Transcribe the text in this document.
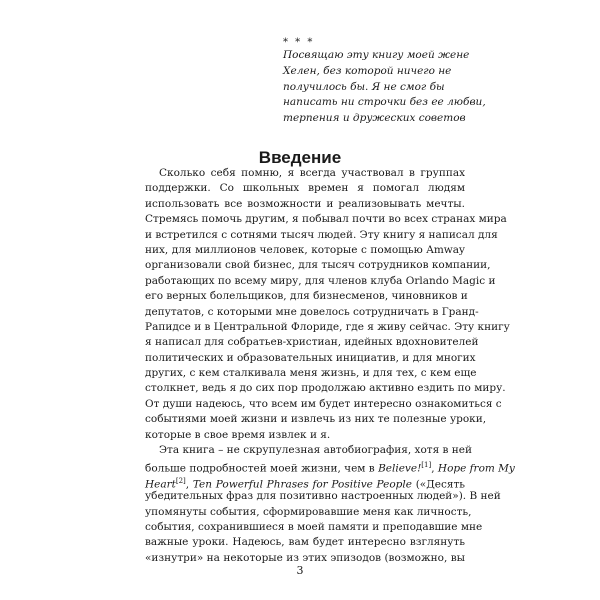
* * *
Посвящаю эту книгу моей жене
Хелен, без которой ничего не
получилось бы. Я не смог бы
написать ни строчки без ее любви,
терпения и дружеских советов
Введение
Сколько себя помню, я всегда участвовал в группах
поддержки. Со школьных времен я помогал людям
использовать все возможности и реализовывать мечты.
Стремясь помочь другим, я побывал почти во всех странах мира
и встретился с сотнями тысяч людей. Эту книгу я написал для
них, для миллионов человек, которые с помощью Amway
организовали свой бизнес, для тысяч сотрудников компании,
работающих по всему миру, для членов клуба Orlando Magic и
его верных болельщиков, для бизнесменов, чиновников и
депутатов, с которыми мне довелось сотрудничать в Гранд-
Рапидсе и в Центральной Флориде, где я живу сейчас. Эту книгу
я написал для собратьев-христиан, идейных вдохновителей
политических и образовательных инициатив, и для многих
других, с кем сталкивала меня жизнь, и для тех, с кем еще
столкнет, ведь я до сих пор продолжаю активно ездить по миру.
От души надеюсь, что всем им будет интересно ознакомиться с
событиями моей жизни и извлечь из них те полезные уроки,
которые в свое время извлек и я.
Эта книга – не скрупулезная автобиография, хотя в ней
больше подробностей моей жизни, чем в Believe![1], Hope from My
Heart[2], Ten Powerful Phrases for Positive People («Десять
убедительных фраз для позитивно настроенных людей»). В ней
упомянуты события, сформировавшие меня как личность,
события, сохранившиеся в моей памяти и преподавшие мне
важные уроки. Надеюсь, вам будет интересно взглянуть
«изнутри» на некоторые из этих эпизодов (возможно, вы
3
